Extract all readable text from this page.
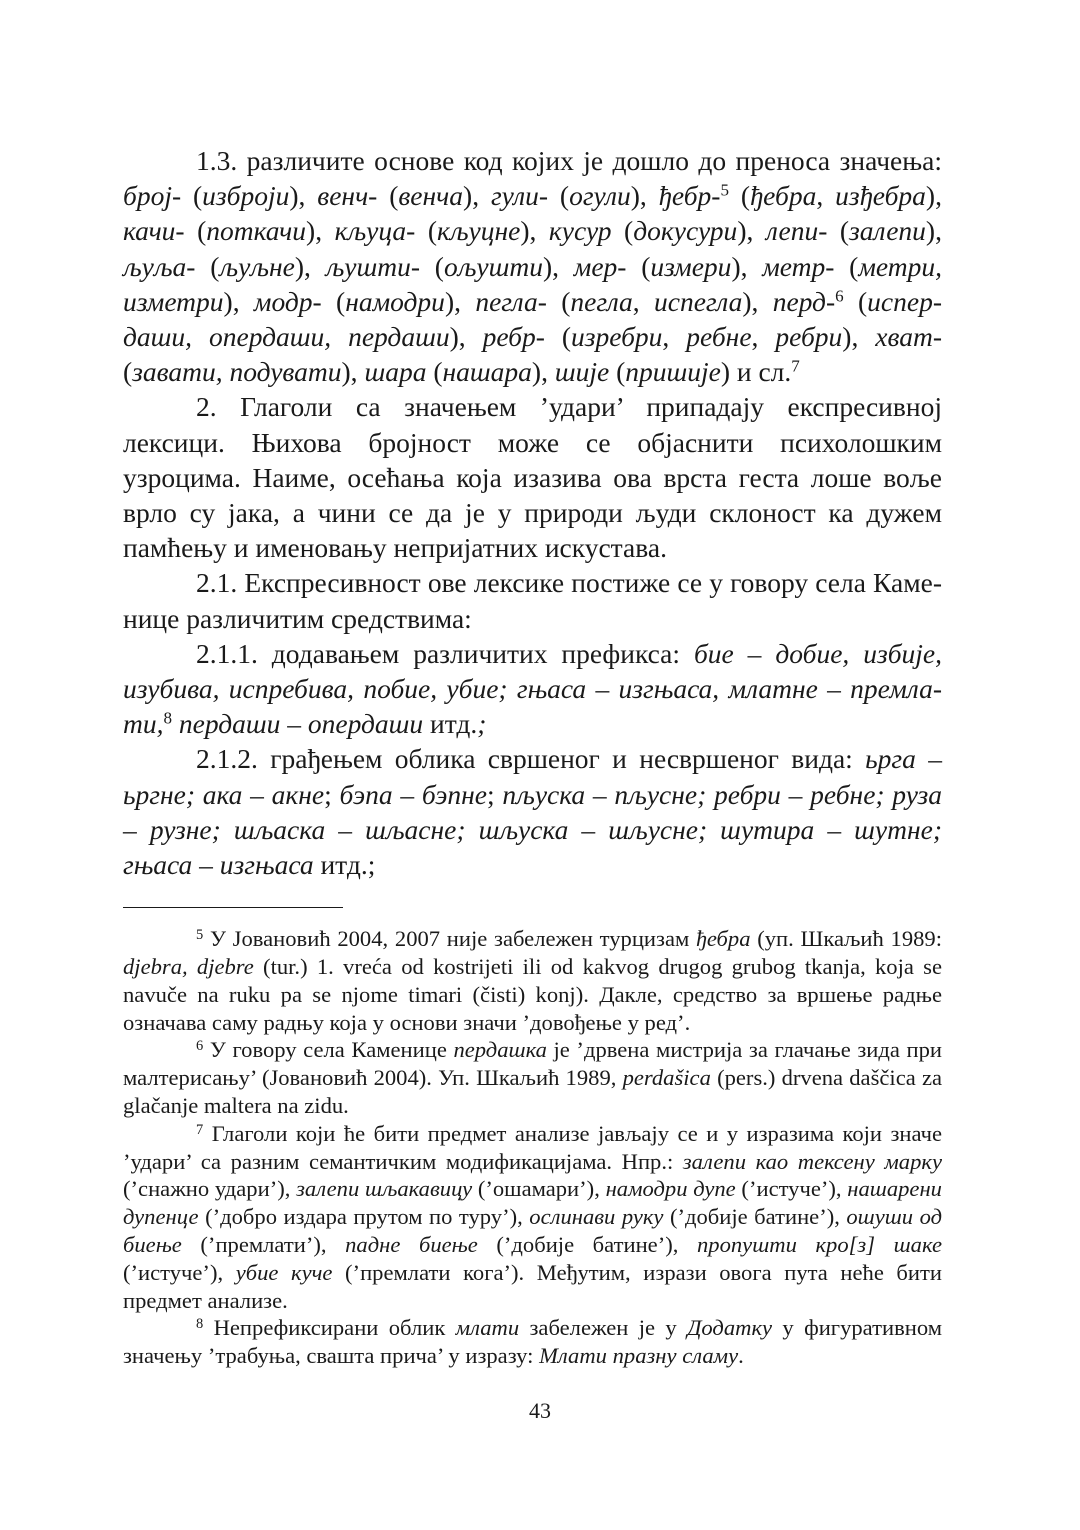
1.3. различите основе код којих је дошло до преноса значења: број- (изброји), венч- (венча), гули- (огули), ђебр-$^5$ (ђебра, изђебра), качи- (поткачи), кљуца- (кљуцне), кусур (докусури), лепи- (залепи), љуља- (љуљне), љушти- (ољушти), мер- (измери), метр- (метри, изметри), модр- (намодри), пегла- (пегла, испегла), перд-$^6$ (испердаши, опердаши, пердаши), ребр- (изребри, ребне, ребри), хват- (завати, подувати), шара (нашара), шије (пришије) и сл.$^7$

2. Глаголи са значењем ’удари’ припадају експресивној лексици. Њихова бројност може се објаснити психолошким узроцима. Наиме, осећања која изазива ова врста геста лоше воље врло су јака, а чини се да је у природи људи склоност ка дужем памћењу и именовању непријатних искустава.

2.1. Експресивност ове лексике постиже се у говору села Каменице различитим средствима:

2.1.1. додавањем различитих префикса: бие – добие, избије, изубива, испребива, побие, убие; гњаса – изгњаса, млатне – премлати,$^8$ пердаши – опердаши итд.;

2.1.2. грађењем облика свршеног и несвршеног вида: ьрга – ьргне; ака – акне; бэпа – бэпне; пљуска – пљусне; ребри – ребне; руза – рузне; шљаска – шљасне; шљуска – шљусне; шутира – шутне; гњаса – изгњаса итд.;

$^5$ У Јовановић 2004, 2007 није забележен турцизам ђебра (уп. Шкаљић 1989: djebra, djebre (tur.) 1. vreća od kostrijeti ili od kakvog drugog grubog tkanja, koja se navuče na ruku pa se njome timari (čisti) konj). Дакле, средство за вршење радње означава саму радњу која у основи значи ’довођење у ред’.

$^6$ У говору села Каменице пердашка је ’дрвена мистрија за глачање зида при малтерисању’ (Јовановић 2004). Уп. Шкаљић 1989, perdašica (pers.) drvena daščica za glačanje maltera na zidu.

$^7$ Глаголи који ће бити предмет анализе јављају се и у изразима који значе ’удари’ са разним семантичким модификацијама. Нпр.: залепи као тексену марку (’снажно удари’), залепи шљакавицу (’ошамари’), намодри дупе (’истуче’), нашарени дупенце (’добро издарa прутом по туру’), ослинави руку (’добије батине’), ошуши од биење (’премлати’), падне биење (’добије батине’), пропушти кро[з] шаке (’истуче’), убие куче (’премлати кога’). Међутим, изрази овога пута неће бити предмет анализе.

$^8$ Непрефиксирани облик млати забележен је у Додатку у фигуративном значењу ’трабуња, свашта прича’ у изразу: Млати празну сламу.

43
